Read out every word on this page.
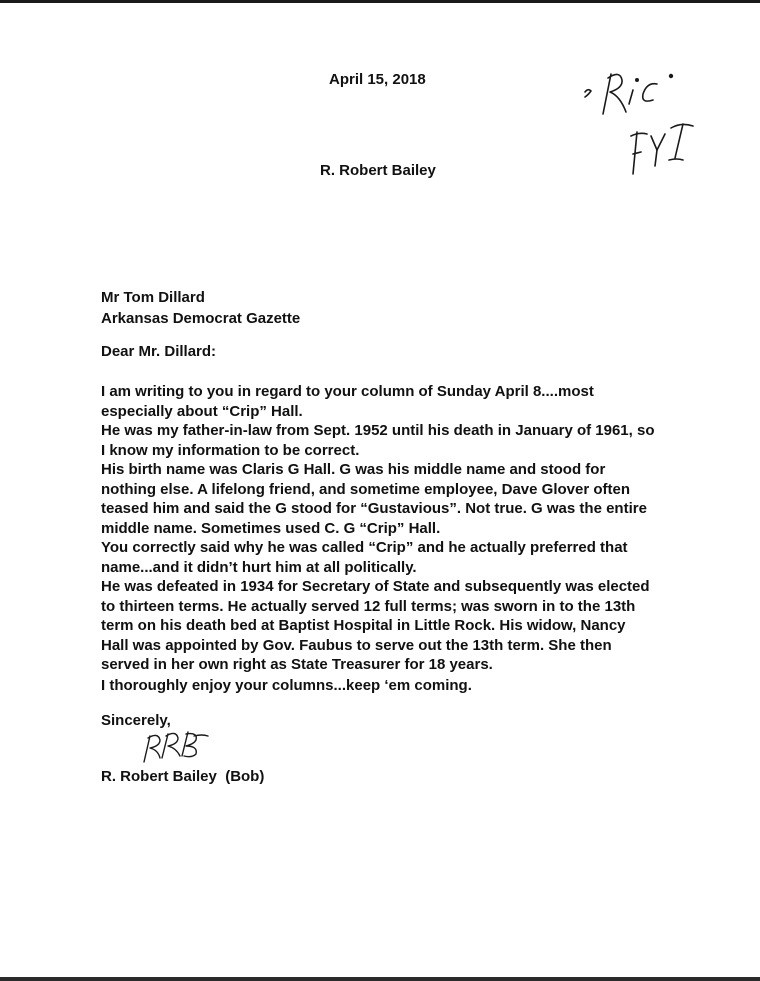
April 15, 2018
R. Robert Bailey
Mr Tom Dillard
Arkansas Democrat Gazette
Dear Mr. Dillard:
I am writing to you in regard to your column of Sunday April 8....most
especially about “Crip” Hall.
He was my father-in-law from Sept. 1952 until his death in January of 1961, so
I know my information to be correct.
His birth name was Claris G Hall. G was his middle name and stood for
nothing else. A lifelong friend, and sometime employee, Dave Glover often
teased him and said the G stood for “Gustavious”. Not true. G was the entire
middle name. Sometimes used C. G “Crip” Hall.
You correctly said why he was called “Crip” and he actually preferred that
name...and it didn’t hurt him at all politically.
He was defeated in 1934 for Secretary of State and subsequently was elected
to thirteen terms. He actually served 12 full terms; was sworn in to the 13th
term on his death bed at Baptist Hospital in Little Rock. His widow, Nancy
Hall was appointed by Gov. Faubus to serve out the 13th term. She then
served in her own right as State Treasurer for 18 years.
I thoroughly enjoy your columns...keep ‘em coming.
Sincerely,
R. Robert Bailey  (Bob)
